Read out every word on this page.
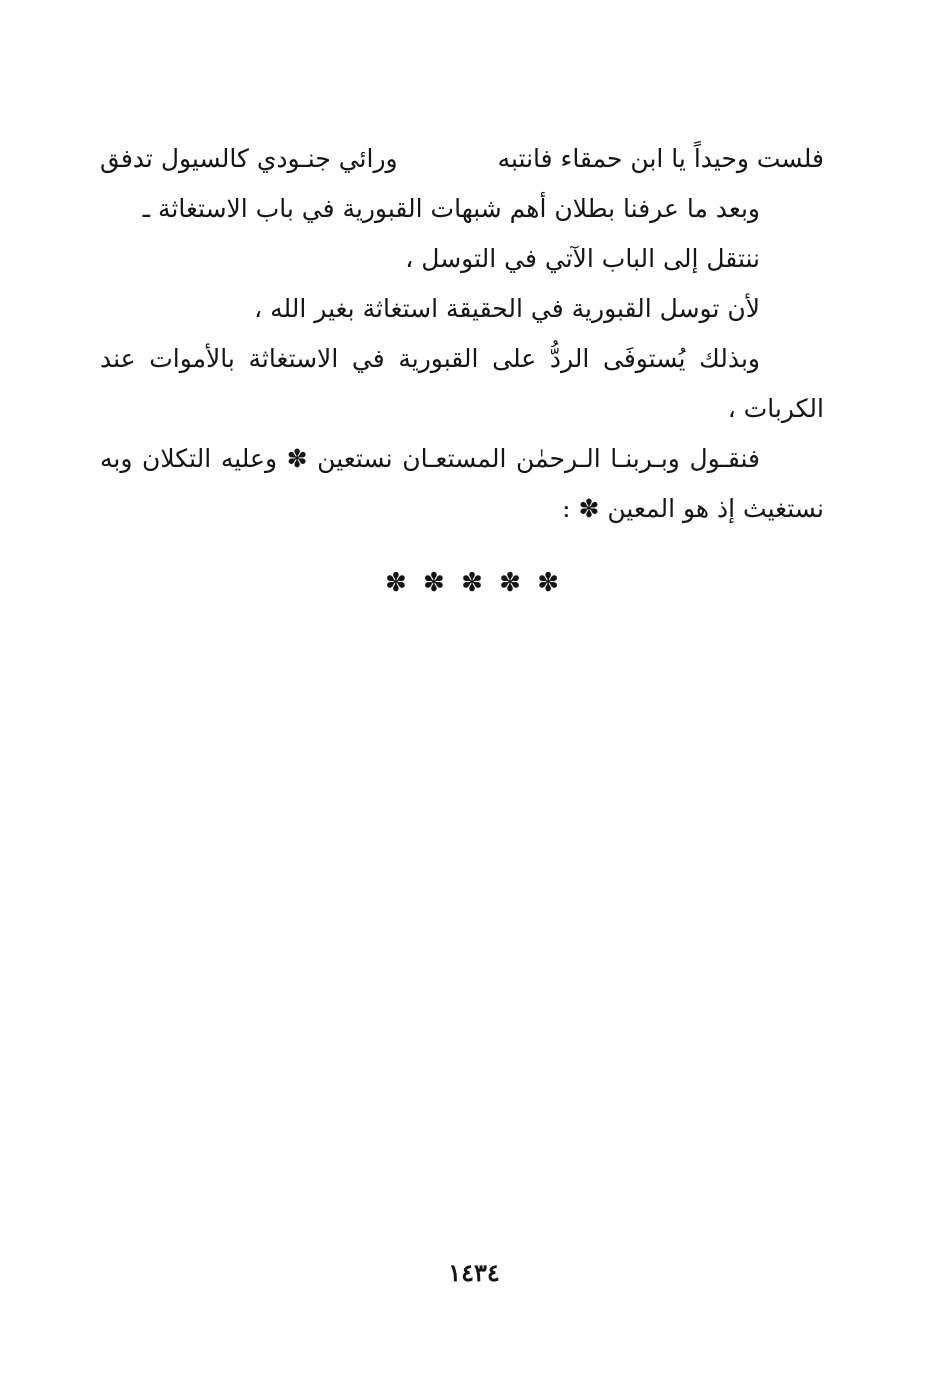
فلست وحيداً يا ابن حمقاء فانتبه
ورائي جنـودي كالسيول تدفق
وبعد ما عرفنا بطلان أهم شبهات القبورية في باب الاستغاثة ـ
ننتقل إلى الباب الآتي في التوسل ،
لأن توسل القبورية في الحقيقة استغاثة بغير الله ،
وبذلك يُستوفَى الردُّ على القبورية في الاستغاثة بالأموات عند
الكربات ،
فنقـول وبـربنـا الـرحمٰن المستعـان نستعين ✽ وعليه التكلان وبه
نستغيث إذ هو المعين ✽ :
✽ ✽ ✽ ✽ ✽
١٤٣٤
